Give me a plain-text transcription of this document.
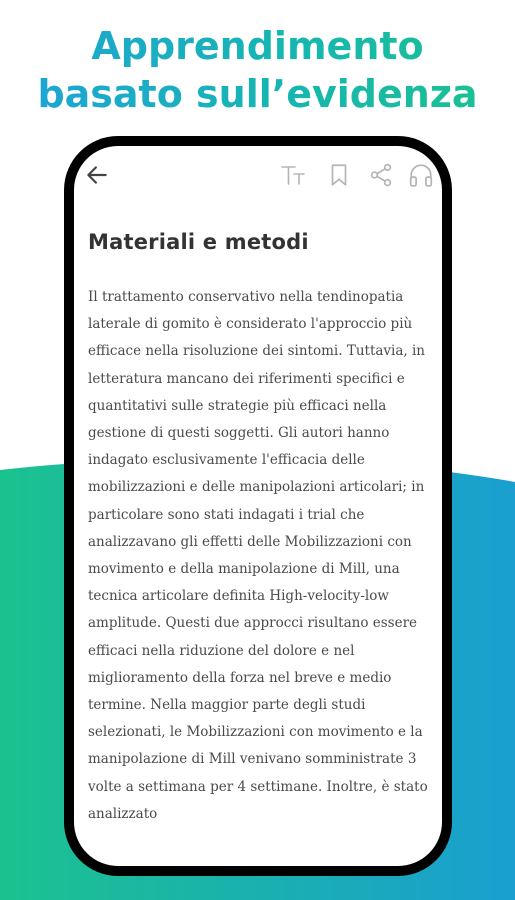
Apprendimento
basato sull’evidenza
Materiali e metodi

Il trattamento conservativo nella tendinopatia laterale di gomito è considerato l'approccio più efficace nella risoluzione dei sintomi. Tuttavia, in letteratura mancano dei riferimenti specifici e quantitativi sulle strategie più efficaci nella gestione di questi soggetti. Gli autori hanno indagato esclusivamente l'efficacia delle mobilizzazioni e delle manipolazioni articolari; in particolare sono stati indagati i trial che analizzavano gli effetti delle Mobilizzazioni con movimento e della manipolazione di Mill, una tecnica articolare definita High-velocity-low amplitude. Questi due approcci risultano essere efficaci nella riduzione del dolore e nel miglioramento della forza nel breve e medio termine. Nella maggior parte degli studi selezionati, le Mobilizzazioni con movimento e la manipolazione di Mill venivano somministrate 3 volte a settimana per 4 settimane. Inoltre, è stato analizzato
